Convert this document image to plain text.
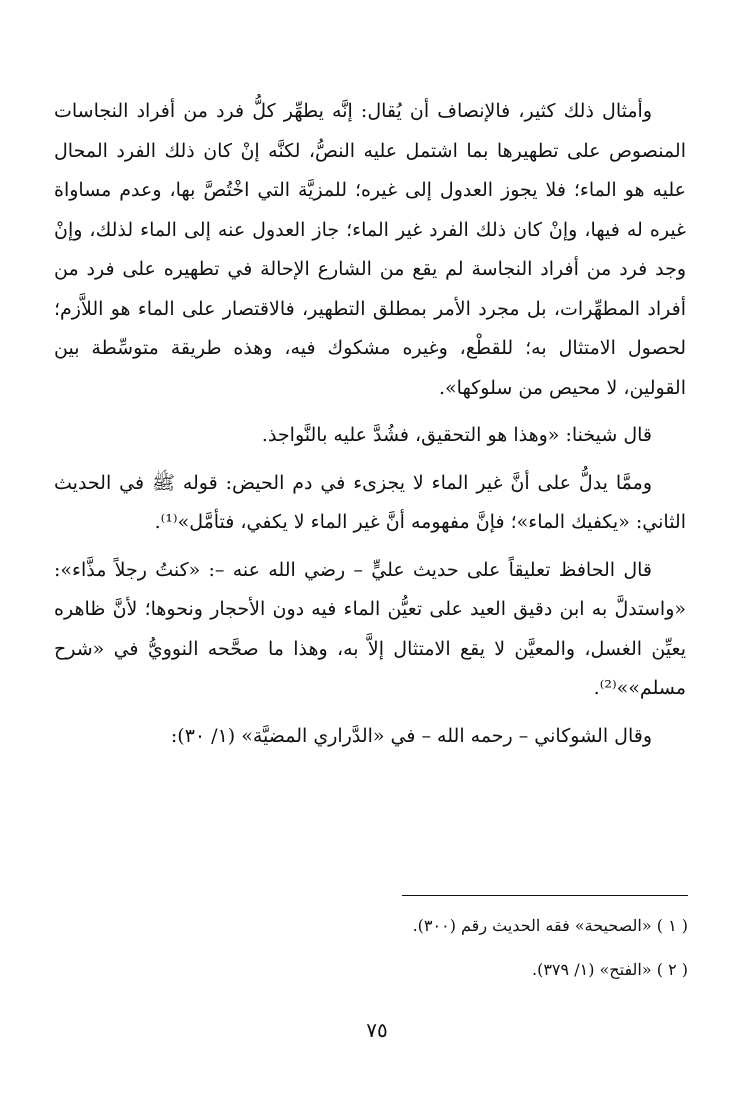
وأمثال ذلك كثير، فالإنصاف أن يُقال: إنَّه يطهِّر كلُّ فرد من أفراد النجاسات المنصوص على تطهيرها بما اشتمل عليه النصُّ، لكنَّه إنْ كان ذلك الفرد المحال عليه هو الماء؛ فلا يجوز العدول إلى غيره؛ للمزيَّة التي اخْتُصَّ بها، وعدم مساواة غيره له فيها، وإنْ كان ذلك الفرد غير الماء؛ جاز العدول عنه إلى الماء لذلك، وإنْ وجد فرد من أفراد النجاسة لم يقع من الشارع الإحالة في تطهيره على فرد من أفراد المطهِّرات، بل مجرد الأمر بمطلق التطهير، فالاقتصار على الماء هو اللاَّزم؛ لحصول الامتثال به؛ للقطْع، وغيره مشكوك فيه، وهذه طريقة متوسِّطة بين القولين، لا محيص من سلوكها».

قال شيخنا: «وهذا هو التحقيق، فشُدَّ عليه بالنَّواجذ.

وممَّا يدلُّ على أنَّ غير الماء لا يجزىء في دم الحيض: قوله ﷺ في الحديث الثاني: «يكفيك الماء»؛ فإنَّ مفهومه أنَّ غير الماء لا يكفي، فتأمَّل»⁽¹⁾.

قال الحافظ تعليقاً على حديث عليٍّ – رضي الله عنه –: «كنتُ رجلاً مذَّاء»: «واستدلَّ به ابن دقيق العيد على تعيُّن الماء فيه دون الأحجار ونحوها؛ لأنَّ ظاهره يعيِّن الغسل، والمعيَّن لا يقع الامتثال إلاَّ به، وهذا ما صحَّحه النوويُّ في «شرح مسلم»»⁽²⁾.

وقال الشوكاني – رحمه الله – في «الدَّراري المضيَّة» (١/ ٣٠):

( ١ ) «الصحيحة» فقه الحديث رقم (٣٠٠).

( ٢ ) «الفتح» (١/ ٣٧٩).

٧٥
